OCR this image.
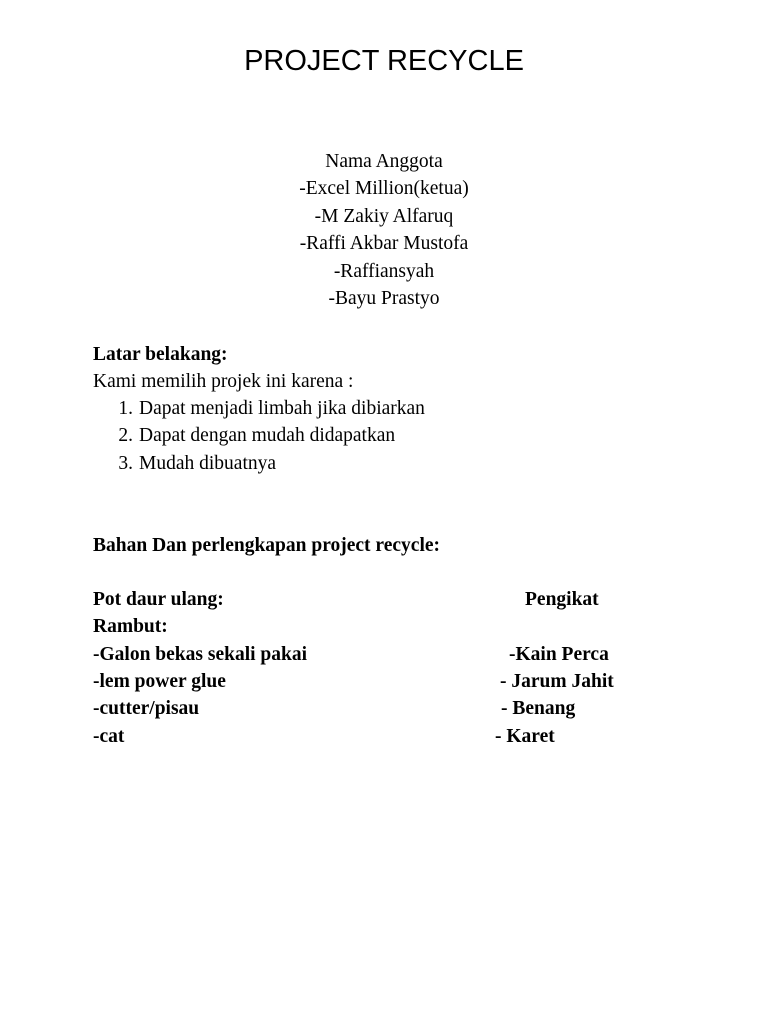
PROJECT RECYCLE
Nama Anggota
-Excel Million(ketua)
-M Zakiy Alfaruq
-Raffi Akbar Mustofa
-Raffiansyah
-Bayu Prastyo
Latar belakang:
Kami memilih projek ini karena :
1. Dapat menjadi limbah jika dibiarkan
2. Dapat dengan mudah didapatkan
3. Mudah dibuatnya
Bahan Dan perlengkapan project recycle:
Pot daur ulang:	Pengikat
Rambut:
-Galon bekas sekali pakai	-Kain Perca
-lem power glue	- Jarum Jahit
-cutter/pisau	- Benang
-cat	- Karet
